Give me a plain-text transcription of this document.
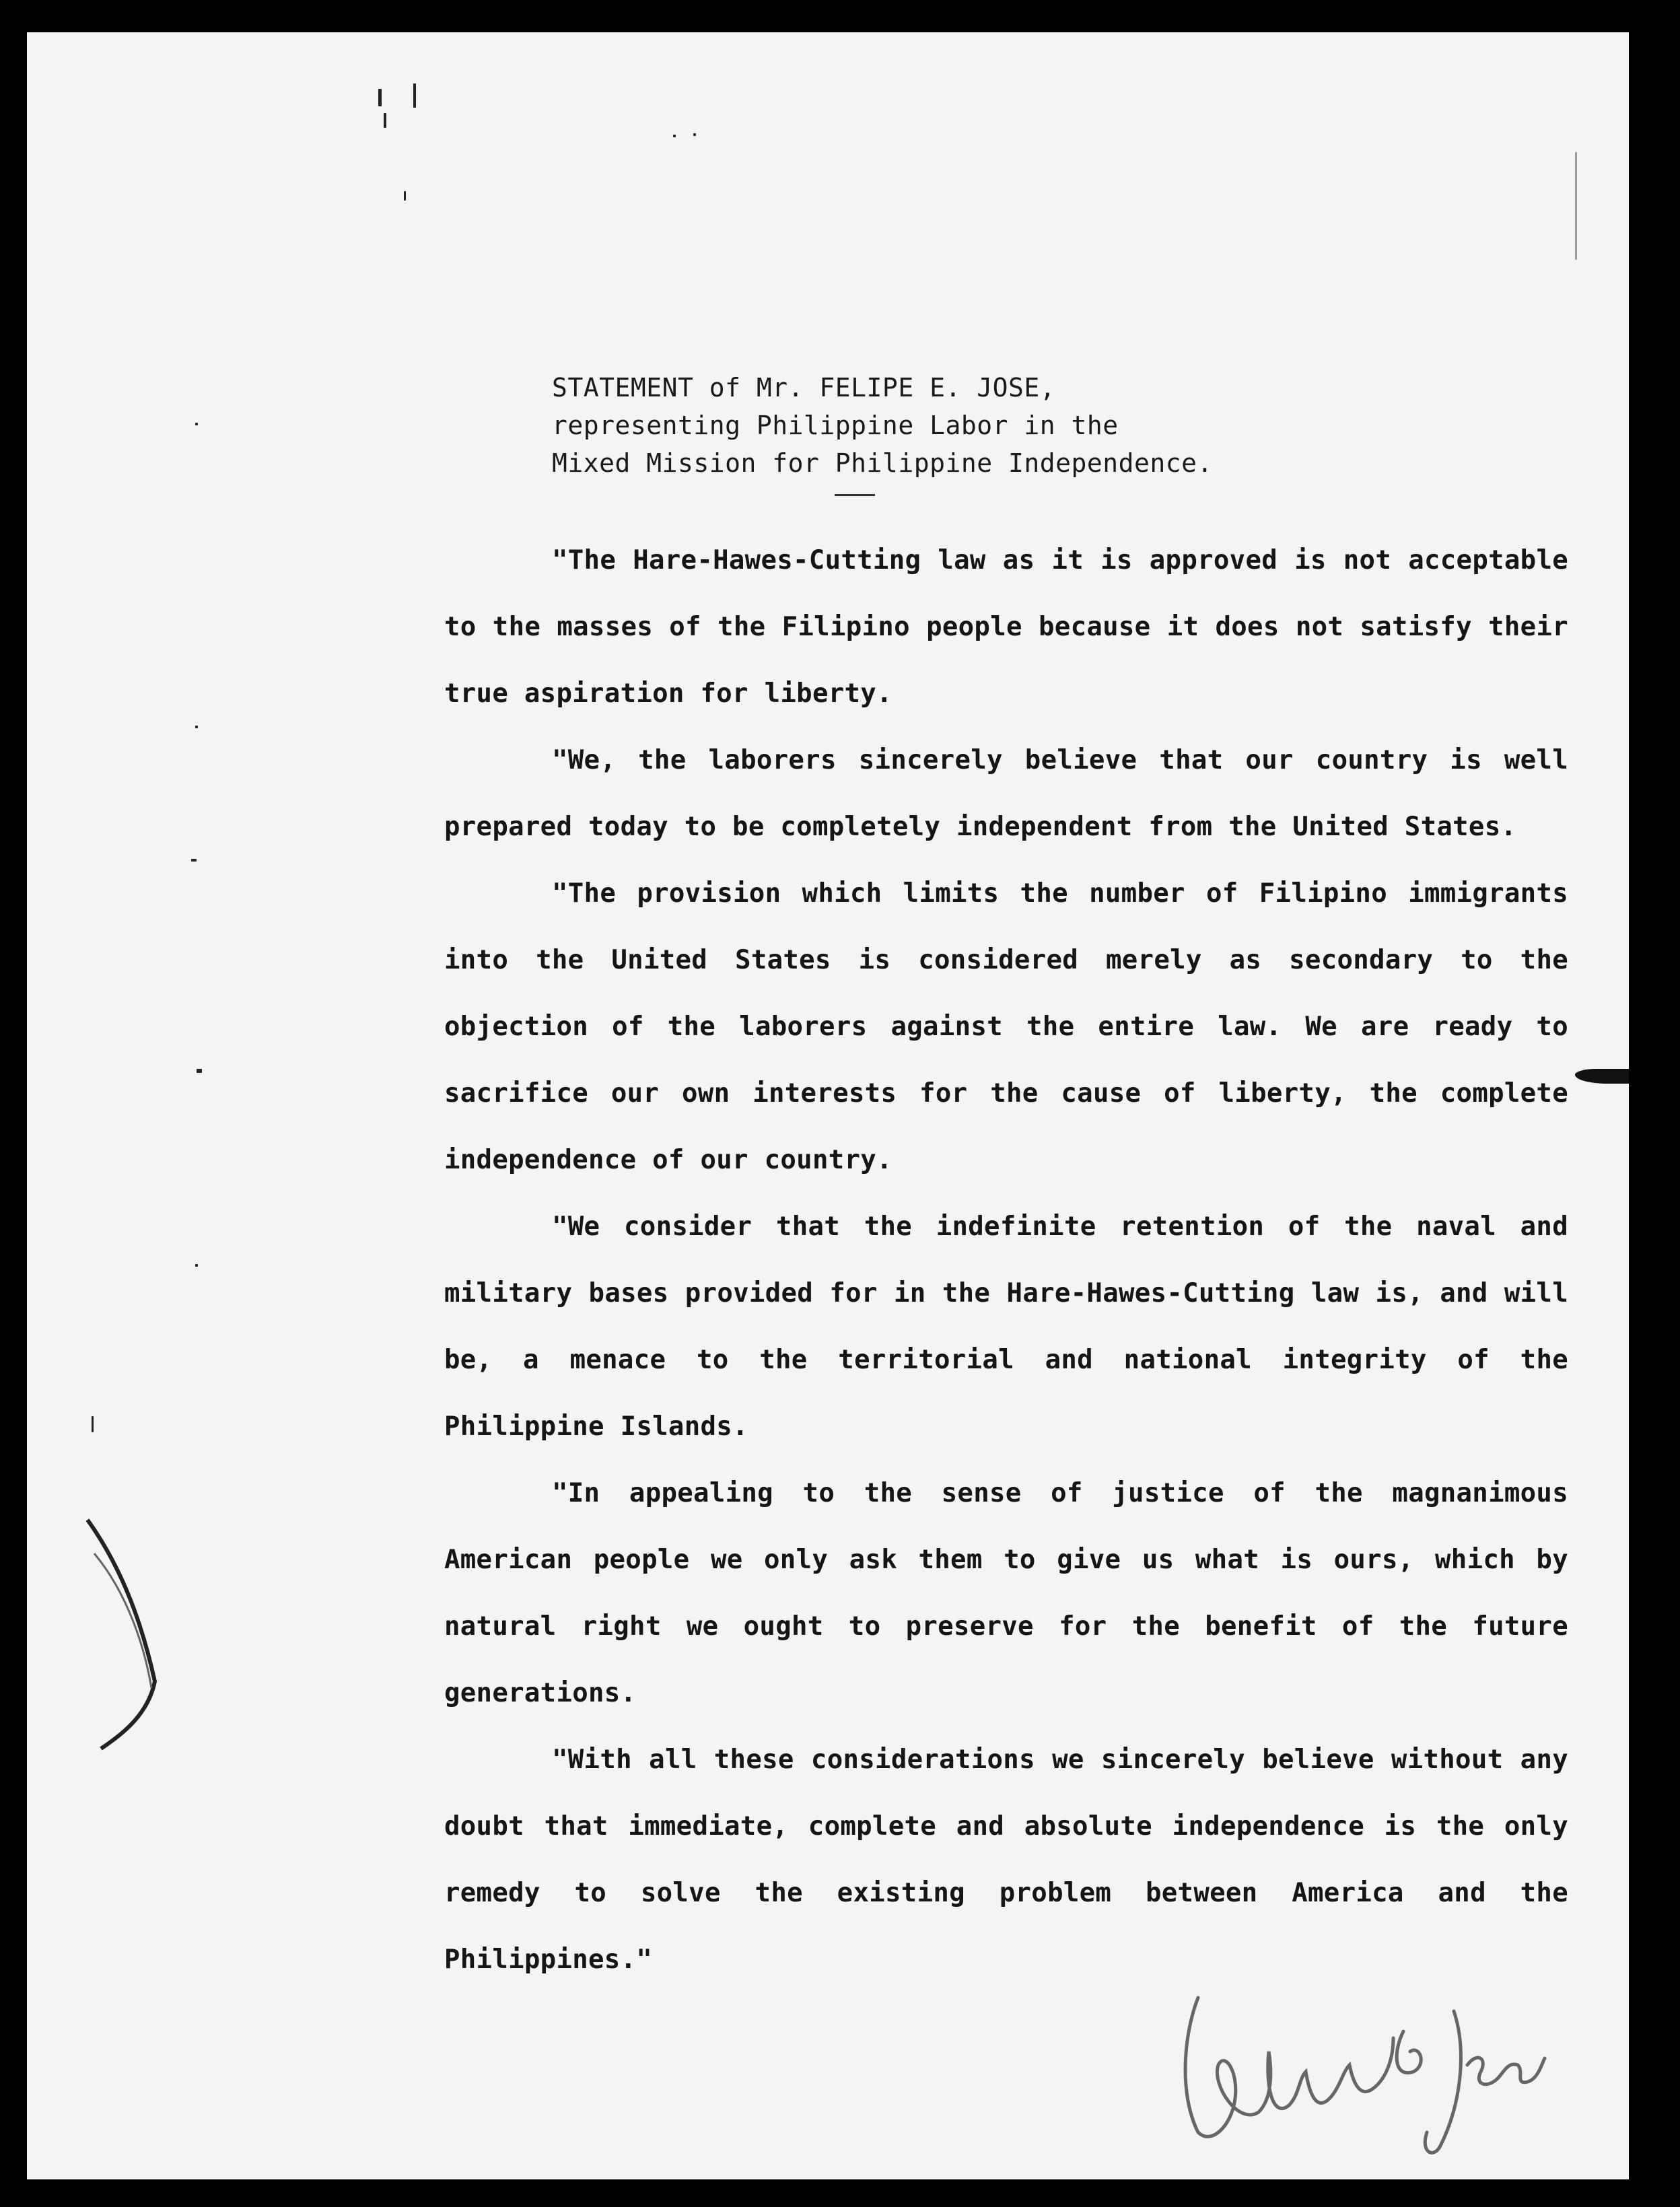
STATEMENT of Mr. FELIPE E. JOSE,
representing Philippine Labor in the
Mixed Mission for Philippine Independence.

"The Hare-Hawes-Cutting law as it is approved is not acceptable to the masses of the Filipino people because it does not satisfy their true aspiration for liberty.

"We, the laborers sincerely believe that our country is well prepared today to be completely independent from the United States.

"The provision which limits the number of Filipino immigrants into the United States is considered merely as secondary to the objection of the laborers against the entire law. We are ready to sacrifice our own interests for the cause of liberty, the complete independence of our country.

"We consider that the indefinite retention of the naval and military bases provided for in the Hare-Hawes-Cutting law is, and will be, a menace to the territorial and national integrity of the Philippine Islands.

"In appealing to the sense of justice of the magnanimous American people we only ask them to give us what is ours, which by natural right we ought to preserve for the benefit of the future generations.

"With all these considerations we sincerely believe without any doubt that immediate, complete and absolute independence is the only remedy to solve the existing problem between America and the Philippines."
